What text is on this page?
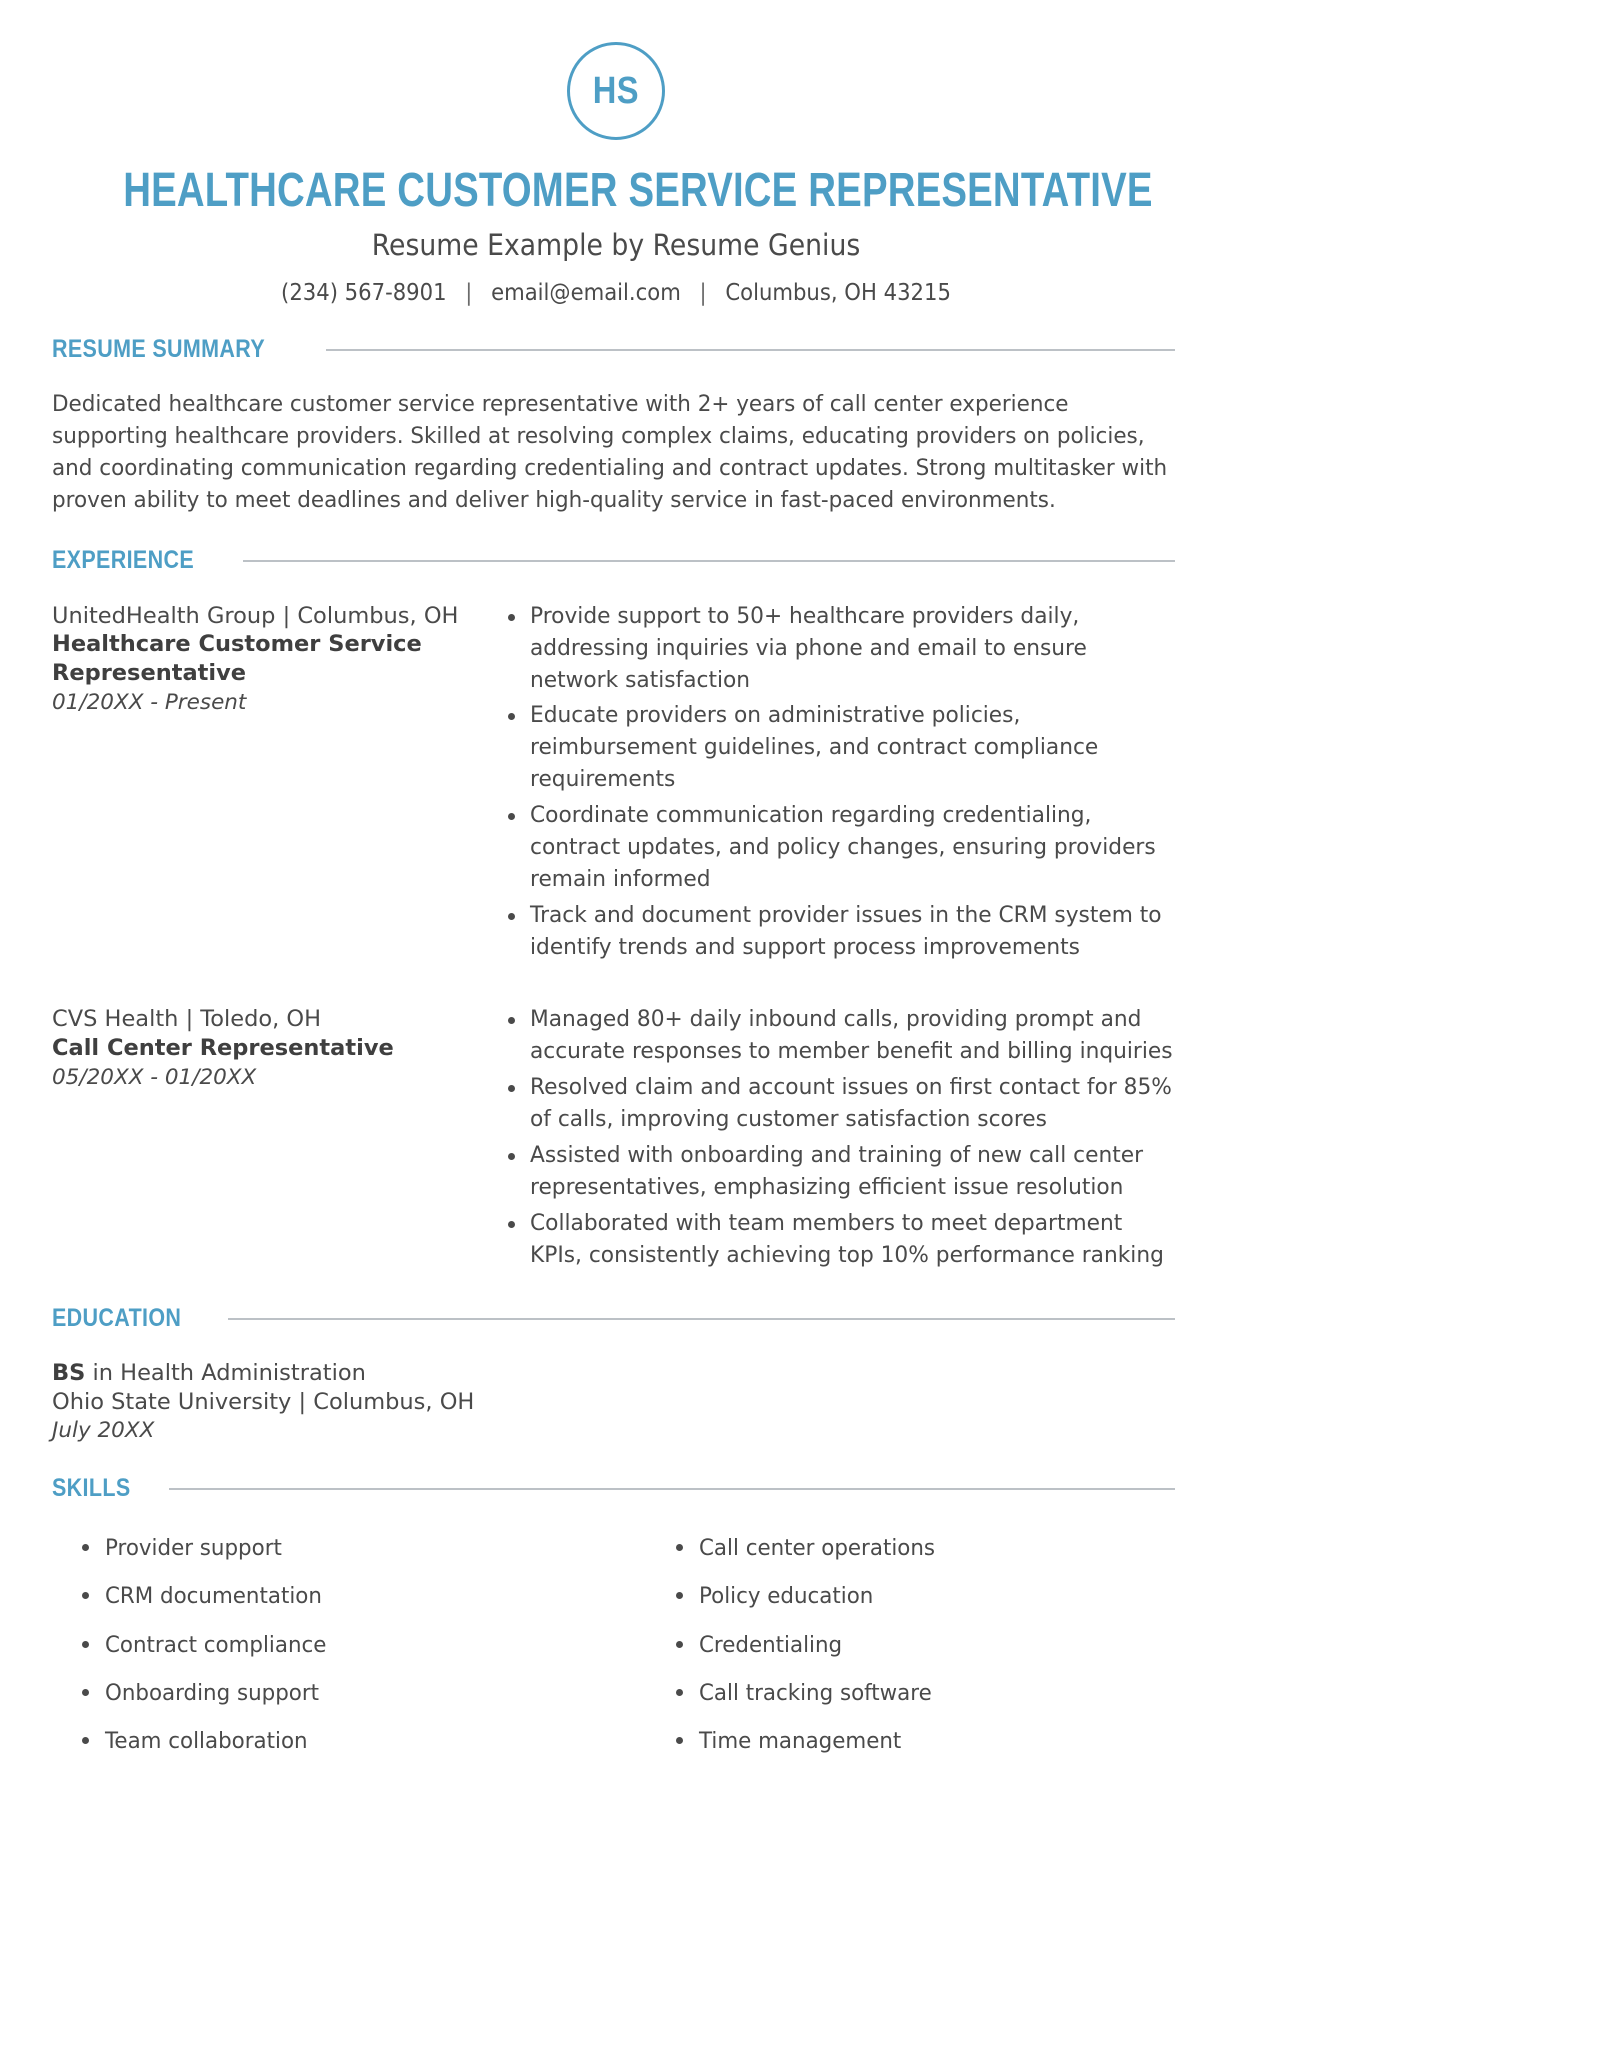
HS
HEALTHCARE CUSTOMER SERVICE REPRESENTATIVE
Resume Example by Resume Genius
(234) 567-8901 | email@email.com | Columbus, OH 43215
RESUME SUMMARY
Dedicated healthcare customer service representative with 2+ years of call center experience supporting healthcare providers. Skilled at resolving complex claims, educating providers on policies, and coordinating communication regarding credentialing and contract updates. Strong multitasker with proven ability to meet deadlines and deliver high-quality service in fast-paced environments.
EXPERIENCE
UnitedHealth Group | Columbus, OH
Healthcare Customer Service Representative
01/20XX - Present
Provide support to 50+ healthcare providers daily, addressing inquiries via phone and email to ensure network satisfaction
Educate providers on administrative policies, reimbursement guidelines, and contract compliance requirements
Coordinate communication regarding credentialing, contract updates, and policy changes, ensuring providers remain informed
Track and document provider issues in the CRM system to identify trends and support process improvements
CVS Health | Toledo, OH
Call Center Representative
05/20XX - 01/20XX
Managed 80+ daily inbound calls, providing prompt and accurate responses to member benefit and billing inquiries
Resolved claim and account issues on first contact for 85% of calls, improving customer satisfaction scores
Assisted with onboarding and training of new call center representatives, emphasizing efficient issue resolution
Collaborated with team members to meet department KPIs, consistently achieving top 10% performance ranking
EDUCATION
BS in Health Administration
Ohio State University | Columbus, OH
July 20XX
SKILLS
Provider support
CRM documentation
Contract compliance
Onboarding support
Team collaboration
Call center operations
Policy education
Credentialing
Call tracking software
Time management
